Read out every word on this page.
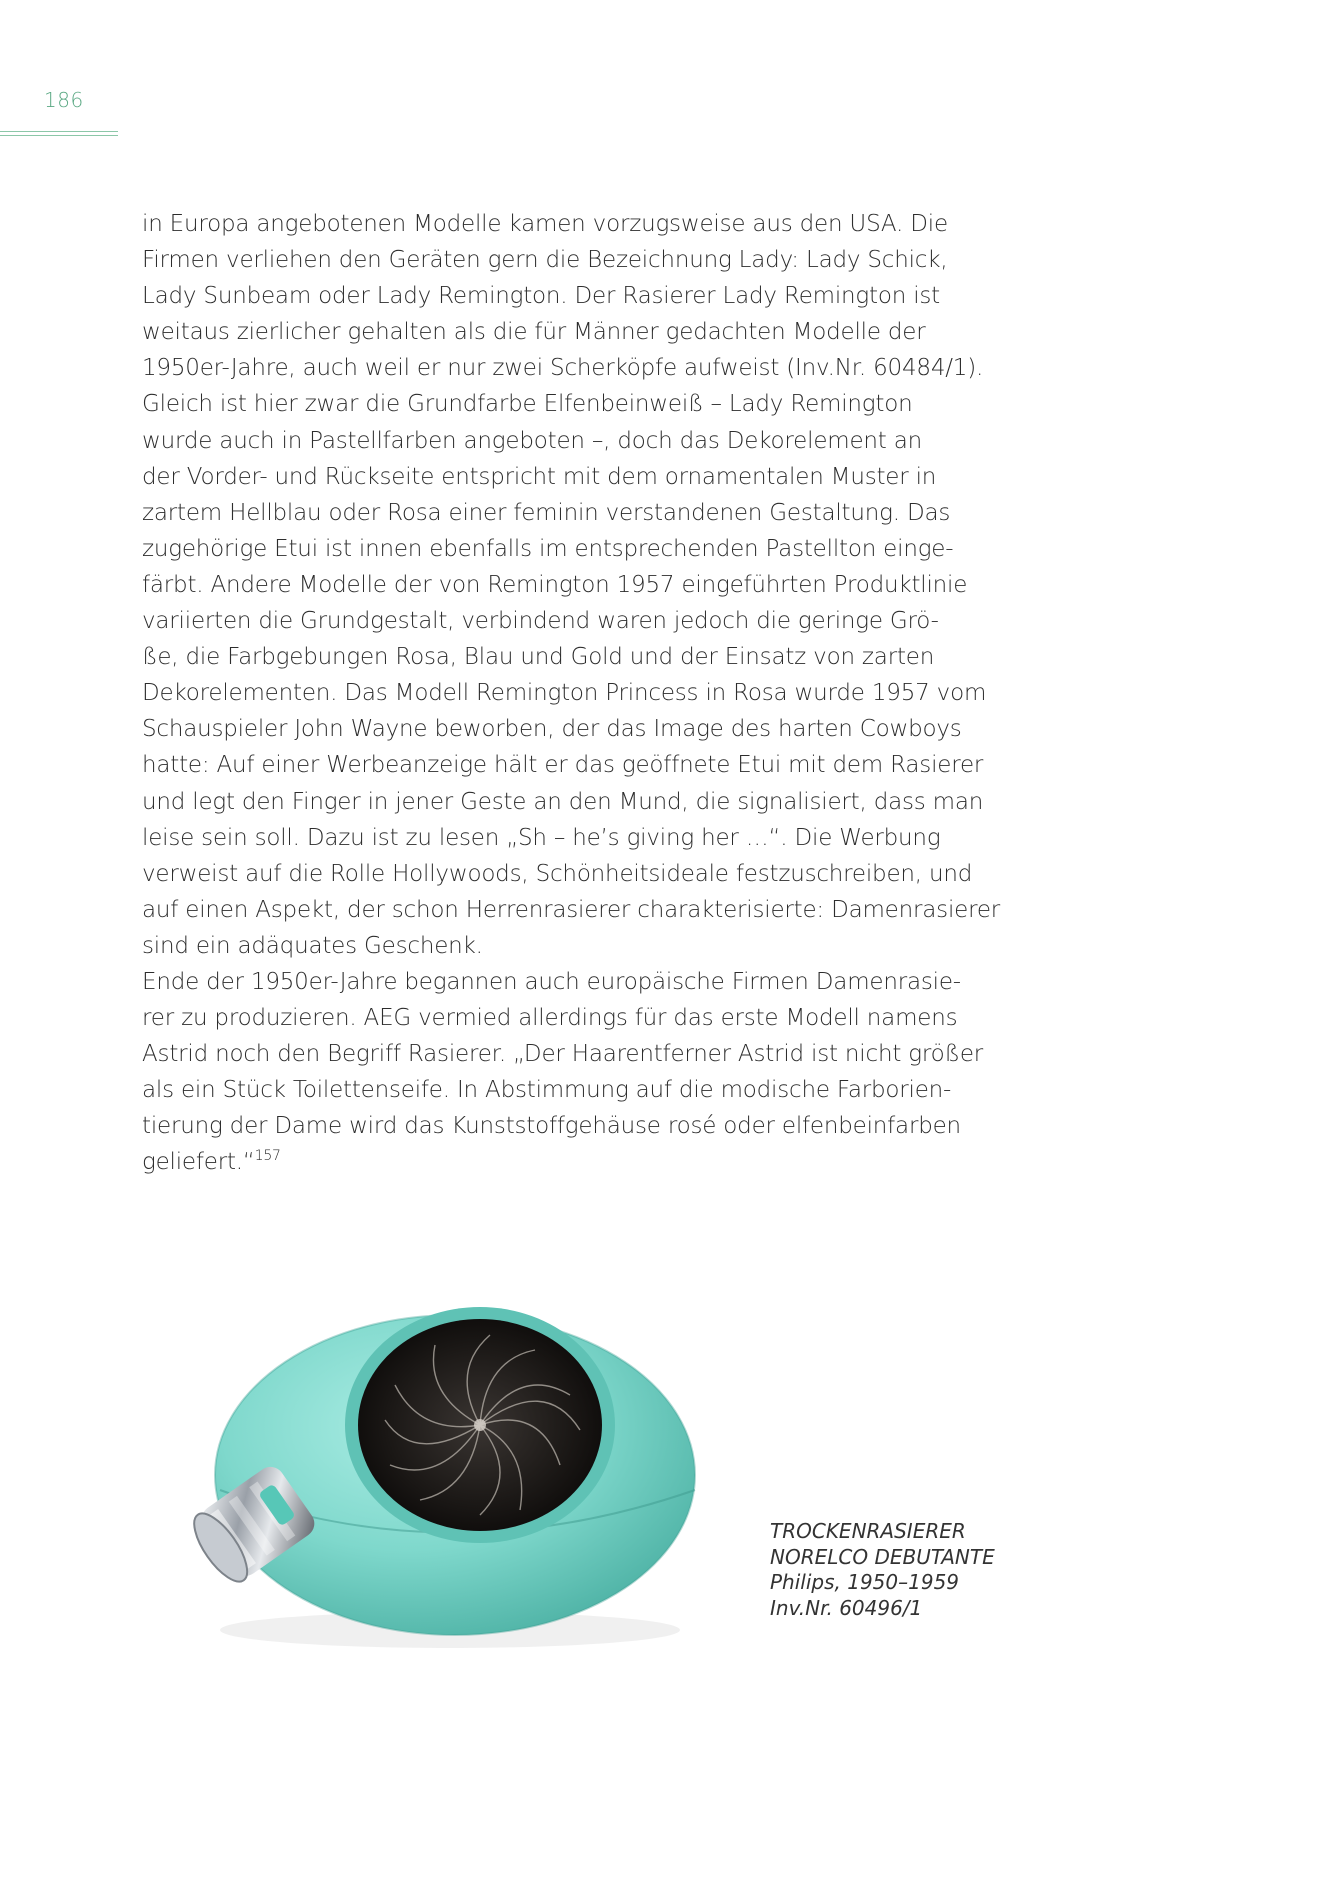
186
in Europa angebotenen Modelle kamen vorzugsweise aus den USA. Die
Firmen verliehen den Geräten gern die Bezeichnung Lady: Lady Schick,
Lady Sunbeam oder Lady Remington. Der Rasierer Lady Remington ist
weitaus zierlicher gehalten als die für Männer gedachten Modelle der
1950er-Jahre, auch weil er nur zwei Scherköpfe aufweist (Inv.Nr. 60484/1).
Gleich ist hier zwar die Grundfarbe Elfenbeinweiß – Lady Remington
wurde auch in Pastellfarben angeboten –, doch das Dekorelement an
der Vorder- und Rückseite entspricht mit dem ornamentalen Muster in
zartem Hellblau oder Rosa einer feminin verstandenen Gestaltung. Das
zugehörige Etui ist innen ebenfalls im entsprechenden Pastellton einge-
färbt. Andere Modelle der von Remington 1957 eingeführten Produktlinie
variierten die Grundgestalt, verbindend waren jedoch die geringe Grö-
ße, die Farbgebungen Rosa, Blau und Gold und der Einsatz von zarten
Dekorelementen. Das Modell Remington Princess in Rosa wurde 1957 vom
Schauspieler John Wayne beworben, der das Image des harten Cowboys
hatte: Auf einer Werbeanzeige hält er das geöffnete Etui mit dem Rasierer
und legt den Finger in jener Geste an den Mund, die signalisiert, dass man
leise sein soll. Dazu ist zu lesen „Sh – he’s giving her …“. Die Werbung
verweist auf die Rolle Hollywoods, Schönheitsideale festzuschreiben, und
auf einen Aspekt, der schon Herrenrasierer charakterisierte: Damenrasierer
sind ein adäquates Geschenk.
Ende der 1950er-Jahre begannen auch europäische Firmen Damenrasie-
rer zu produzieren. AEG vermied allerdings für das erste Modell namens
Astrid noch den Begriff Rasierer. „Der Haarentferner Astrid ist nicht größer
als ein Stück Toilettenseife. In Abstimmung auf die modische Farborien-
tierung der Dame wird das Kunststoffgehäuse rosé oder elfenbeinfarben
geliefert.“$^{157}$
TROCKENRASIERER
NORELCO DEBUTANTE
Philips, 1950–1959
Inv.Nr. 60496/1
